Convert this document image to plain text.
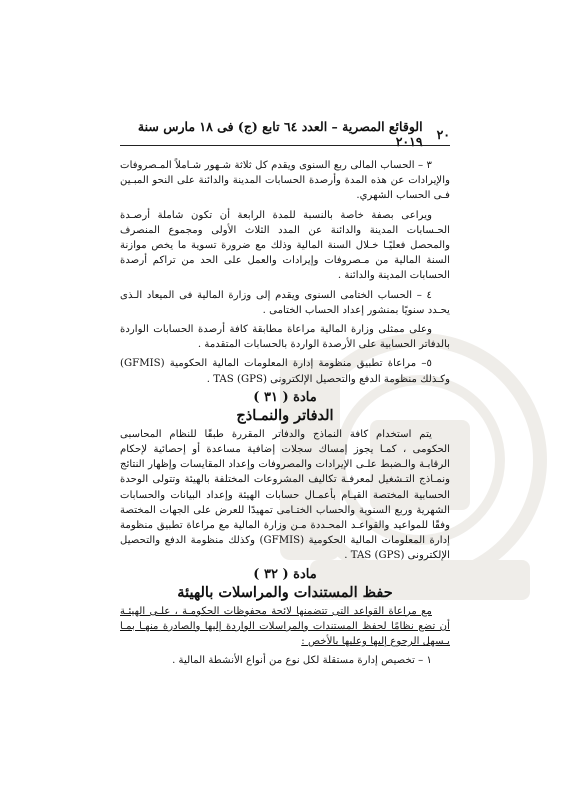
٢٠
الوقائع المصرية – العدد ٦٤ تابع (ج) فى ١٨ مارس سنة ٢٠١٩

٣ – الحساب المالى ربع السنوى ويقدم كل ثلاثة شـهور شـاملاً المـصروفات والإيرادات عن هذه المدة وأرصدة الحسابات المدينة والدائنة على النحو المبـين فـى الحساب الشهري.

ويراعى بصفة خاصة بالنسبة للمدة الرابعة أن تكون شاملة أرصـدة الحـسابات المدينة والدائنة عن المدد الثلاث الأولى ومجموع المنصرف والمحصل فعليًـا خـلال السنة المالية وذلك مع ضرورة تسوية ما يخص موازنة السنة المالية من مـصروفات وإيرادات والعمل على الحد من تراكم أرصدة الحسابات المدينة والدائنة .

٤ – الحساب الختامى السنوى ويقدم إلى وزارة المالية فى الميعاد الـذى يحـدد سنويًا بمنشور إعداد الحساب الختامى .

وعلى ممثلى وزارة المالية مراعاة مطابقة كافة أرصدة الحسابات الواردة بالدفاتر الحسابية على الأرصدة الواردة بالحسابات المتقدمة .

٥– مراعاة تطبيق منظومة إدارة المعلومات المالية الحكومية (GFMIS) وكـذلك منظومة الدفع والتحصيل الإلكترونى TAS (GPS) .

مادة ( ٣١ )

الدفاتر والنمـاذج

يتم استخدام كافة النماذج والدفاتر المقررة طبقًا للنظام المحاسبى الحكومى ، كمـا يجوز إمساك سجلات إضافية مساعدة أو إحصائية لإحكام الرقابـة والـضبط علـى الإيرادات والمصروفات وإعداد المقايسات وإظهار النتائج ونمـاذج التـشغيل لمعرفـة تكاليف المشروعات المختلفة بالهيئة وتتولى الوحدة الحسابية المختصة القيـام بأعمـال حسابات الهيئة وإعداد البيانات والحسابات الشهرية وربع السنوية والحساب الختـامى تمهيدًا للعرض على الجهات المختصة وفقًا للمواعيد والقواعـد المحـددة مـن وزارة المالية مع مراعاة تطبيق منظومة إدارة المعلومات المالية الحكومية (GFMIS) وكذلك منظومة الدفع والتحصيل الإلكترونى TAS (GPS) .

مادة ( ٣٢ )

حفظ المستندات والمراسلات بالهيئة

مع مراعاة القواعد التى تتضمنها لائحة محفوظات الحكومـة ، علـى الهيئـة أن تضع نظامًا لحفظ المستندات والمراسلات الواردة إليها والصادرة منهـا بمـا يـسهل الرجوع إليها وعليها بالأخص :

١ – تخصيص إدارة مستقلة لكل نوع من أنواع الأنشطة المالية .
